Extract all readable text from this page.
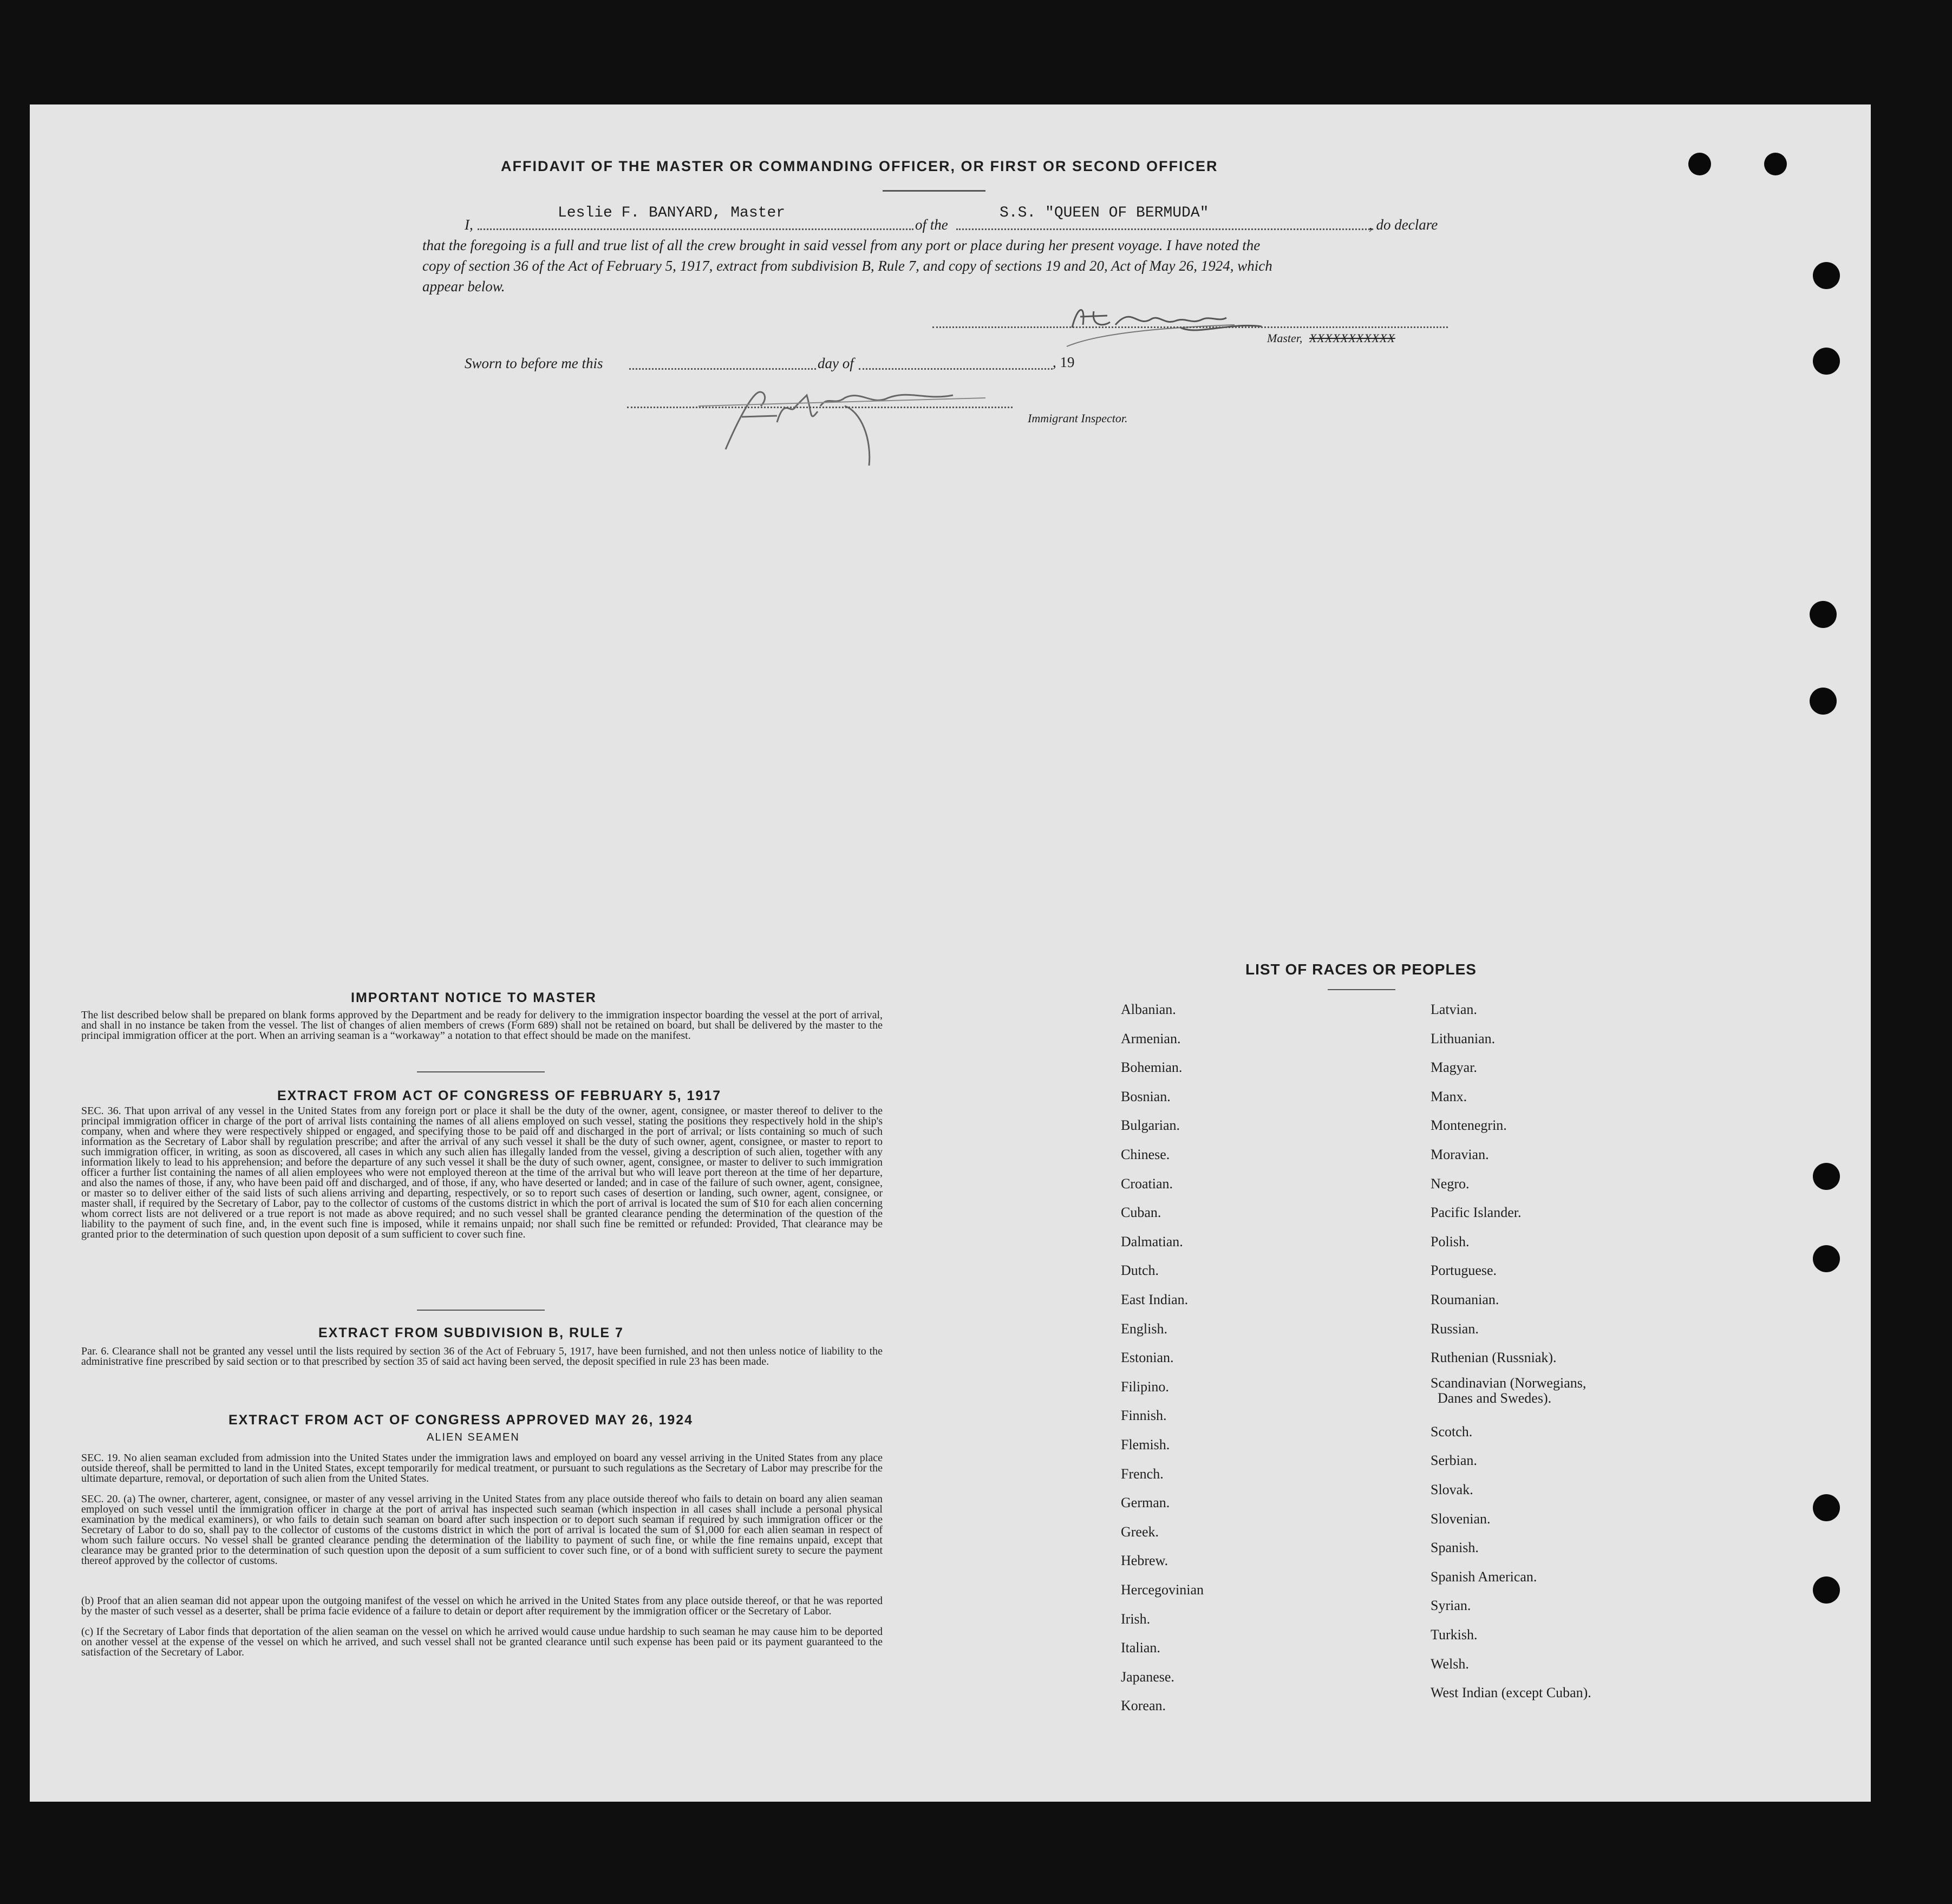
AFFIDAVIT OF THE MASTER OR COMMANDING OFFICER, OR FIRST OR SECOND OFFICER
I,
Leslie F. BANYARD, Master
of the
S.S. "QUEEN OF BERMUDA"
, do declare
that the foregoing is a full and true list of all the crew brought in said vessel from any port or place during her present voyage. I have noted the
copy of section 36 of the Act of February 5, 1917, extract from subdivision B, Rule 7, and copy of sections 19 and 20, Act of May 26, 1924, which
appear below.
Master, XXXXXXXXXXX
Sworn to before me this	day of	, 19
Immigrant Inspector.
IMPORTANT NOTICE TO MASTER
The list described below shall be prepared on blank forms approved by the Department and be ready for delivery to the immigration inspector boarding the vessel at the port of arrival, and shall in no instance be taken from the vessel. The list of changes of alien members of crews (Form 689) shall not be retained on board, but shall be delivered by the master to the principal immigration officer at the port. When an arriving seaman is a “workaway” a notation to that effect should be made on the manifest.
EXTRACT FROM ACT OF CONGRESS OF FEBRUARY 5, 1917
SEC. 36. That upon arrival of any vessel in the United States from any foreign port or place it shall be the duty of the owner, agent, consignee, or master thereof to deliver to the principal immigration officer in charge of the port of arrival lists containing the names of all aliens employed on such vessel, stating the positions they respectively hold in the ship's company, when and where they were respectively shipped or engaged, and specifying those to be paid off and discharged in the port of arrival; or lists containing so much of such information as the Secretary of Labor shall by regulation prescribe; and after the arrival of any such vessel it shall be the duty of such owner, agent, consignee, or master to report to such immigration officer, in writing, as soon as discovered, all cases in which any such alien has illegally landed from the vessel, giving a description of such alien, together with any information likely to lead to his apprehension; and before the departure of any such vessel it shall be the duty of such owner, agent, consignee, or master to deliver to such immigration officer a further list containing the names of all alien employees who were not employed thereon at the time of the arrival but who will leave port thereon at the time of her departure, and also the names of those, if any, who have been paid off and discharged, and of those, if any, who have deserted or landed; and in case of the failure of such owner, agent, consignee, or master so to deliver either of the said lists of such aliens arriving and departing, respectively, or so to report such cases of desertion or landing, such owner, agent, consignee, or master shall, if required by the Secretary of Labor, pay to the collector of customs of the customs district in which the port of arrival is located the sum of $10 for each alien concerning whom correct lists are not delivered or a true report is not made as above required; and no such vessel shall be granted clearance pending the determination of the question of the liability to the payment of such fine, and, in the event such fine is imposed, while it remains unpaid; nor shall such fine be remitted or refunded: Provided, That clearance may be granted prior to the determination of such question upon deposit of a sum sufficient to cover such fine.
EXTRACT FROM SUBDIVISION B, RULE 7
Par. 6. Clearance shall not be granted any vessel until the lists required by section 36 of the Act of February 5, 1917, have been furnished, and not then unless notice of liability to the administrative fine prescribed by said section or to that prescribed by section 35 of said act having been served, the deposit specified in rule 23 has been made.
EXTRACT FROM ACT OF CONGRESS APPROVED MAY 26, 1924
ALIEN SEAMEN
SEC. 19. No alien seaman excluded from admission into the United States under the immigration laws and employed on board any vessel arriving in the United States from any place outside thereof, shall be permitted to land in the United States, except temporarily for medical treatment, or pursuant to such regulations as the Secretary of Labor may prescribe for the ultimate departure, removal, or deportation of such alien from the United States.
SEC. 20. (a) The owner, charterer, agent, consignee, or master of any vessel arriving in the United States from any place outside thereof who fails to detain on board any alien seaman employed on such vessel until the immigration officer in charge at the port of arrival has inspected such seaman (which inspection in all cases shall include a personal physical examination by the medical examiners), or who fails to detain such seaman on board after such inspection or to deport such seaman if required by such immigration officer or the Secretary of Labor to do so, shall pay to the collector of customs of the customs district in which the port of arrival is located the sum of $1,000 for each alien seaman in respect of whom such failure occurs. No vessel shall be granted clearance pending the determination of the liability to payment of such fine, or while the fine remains unpaid, except that clearance may be granted prior to the determination of such question upon the deposit of a sum sufficient to cover such fine, or of a bond with sufficient surety to secure the payment thereof approved by the collector of customs.
(b) Proof that an alien seaman did not appear upon the outgoing manifest of the vessel on which he arrived in the United States from any place outside thereof, or that he was reported by the master of such vessel as a deserter, shall be prima facie evidence of a failure to detain or deport after requirement by the immigration officer or the Secretary of Labor.
(c) If the Secretary of Labor finds that deportation of the alien seaman on the vessel on which he arrived would cause undue hardship to such seaman he may cause him to be deported on another vessel at the expense of the vessel on which he arrived, and such vessel shall not be granted clearance until such expense has been paid or its payment guaranteed to the satisfaction of the Secretary of Labor.
LIST OF RACES OR PEOPLES
Albanian.
Armenian.
Bohemian.
Bosnian.
Bulgarian.
Chinese.
Croatian.
Cuban.
Dalmatian.
Dutch.
East Indian.
English.
Estonian.
Filipino.
Finnish.
Flemish.
French.
German.
Greek.
Hebrew.
Hercegovinian
Irish.
Italian.
Japanese.
Korean.
Latvian.
Lithuanian.
Magyar.
Manx.
Montenegrin.
Moravian.
Negro.
Pacific Islander.
Polish.
Portuguese.
Roumanian.
Russian.
Ruthenian (Russniak).
Scandinavian (Norwegians,
Danes and Swedes).
Scotch.
Serbian.
Slovak.
Slovenian.
Spanish.
Spanish American.
Syrian.
Turkish.
Welsh.
West Indian (except Cuban).
